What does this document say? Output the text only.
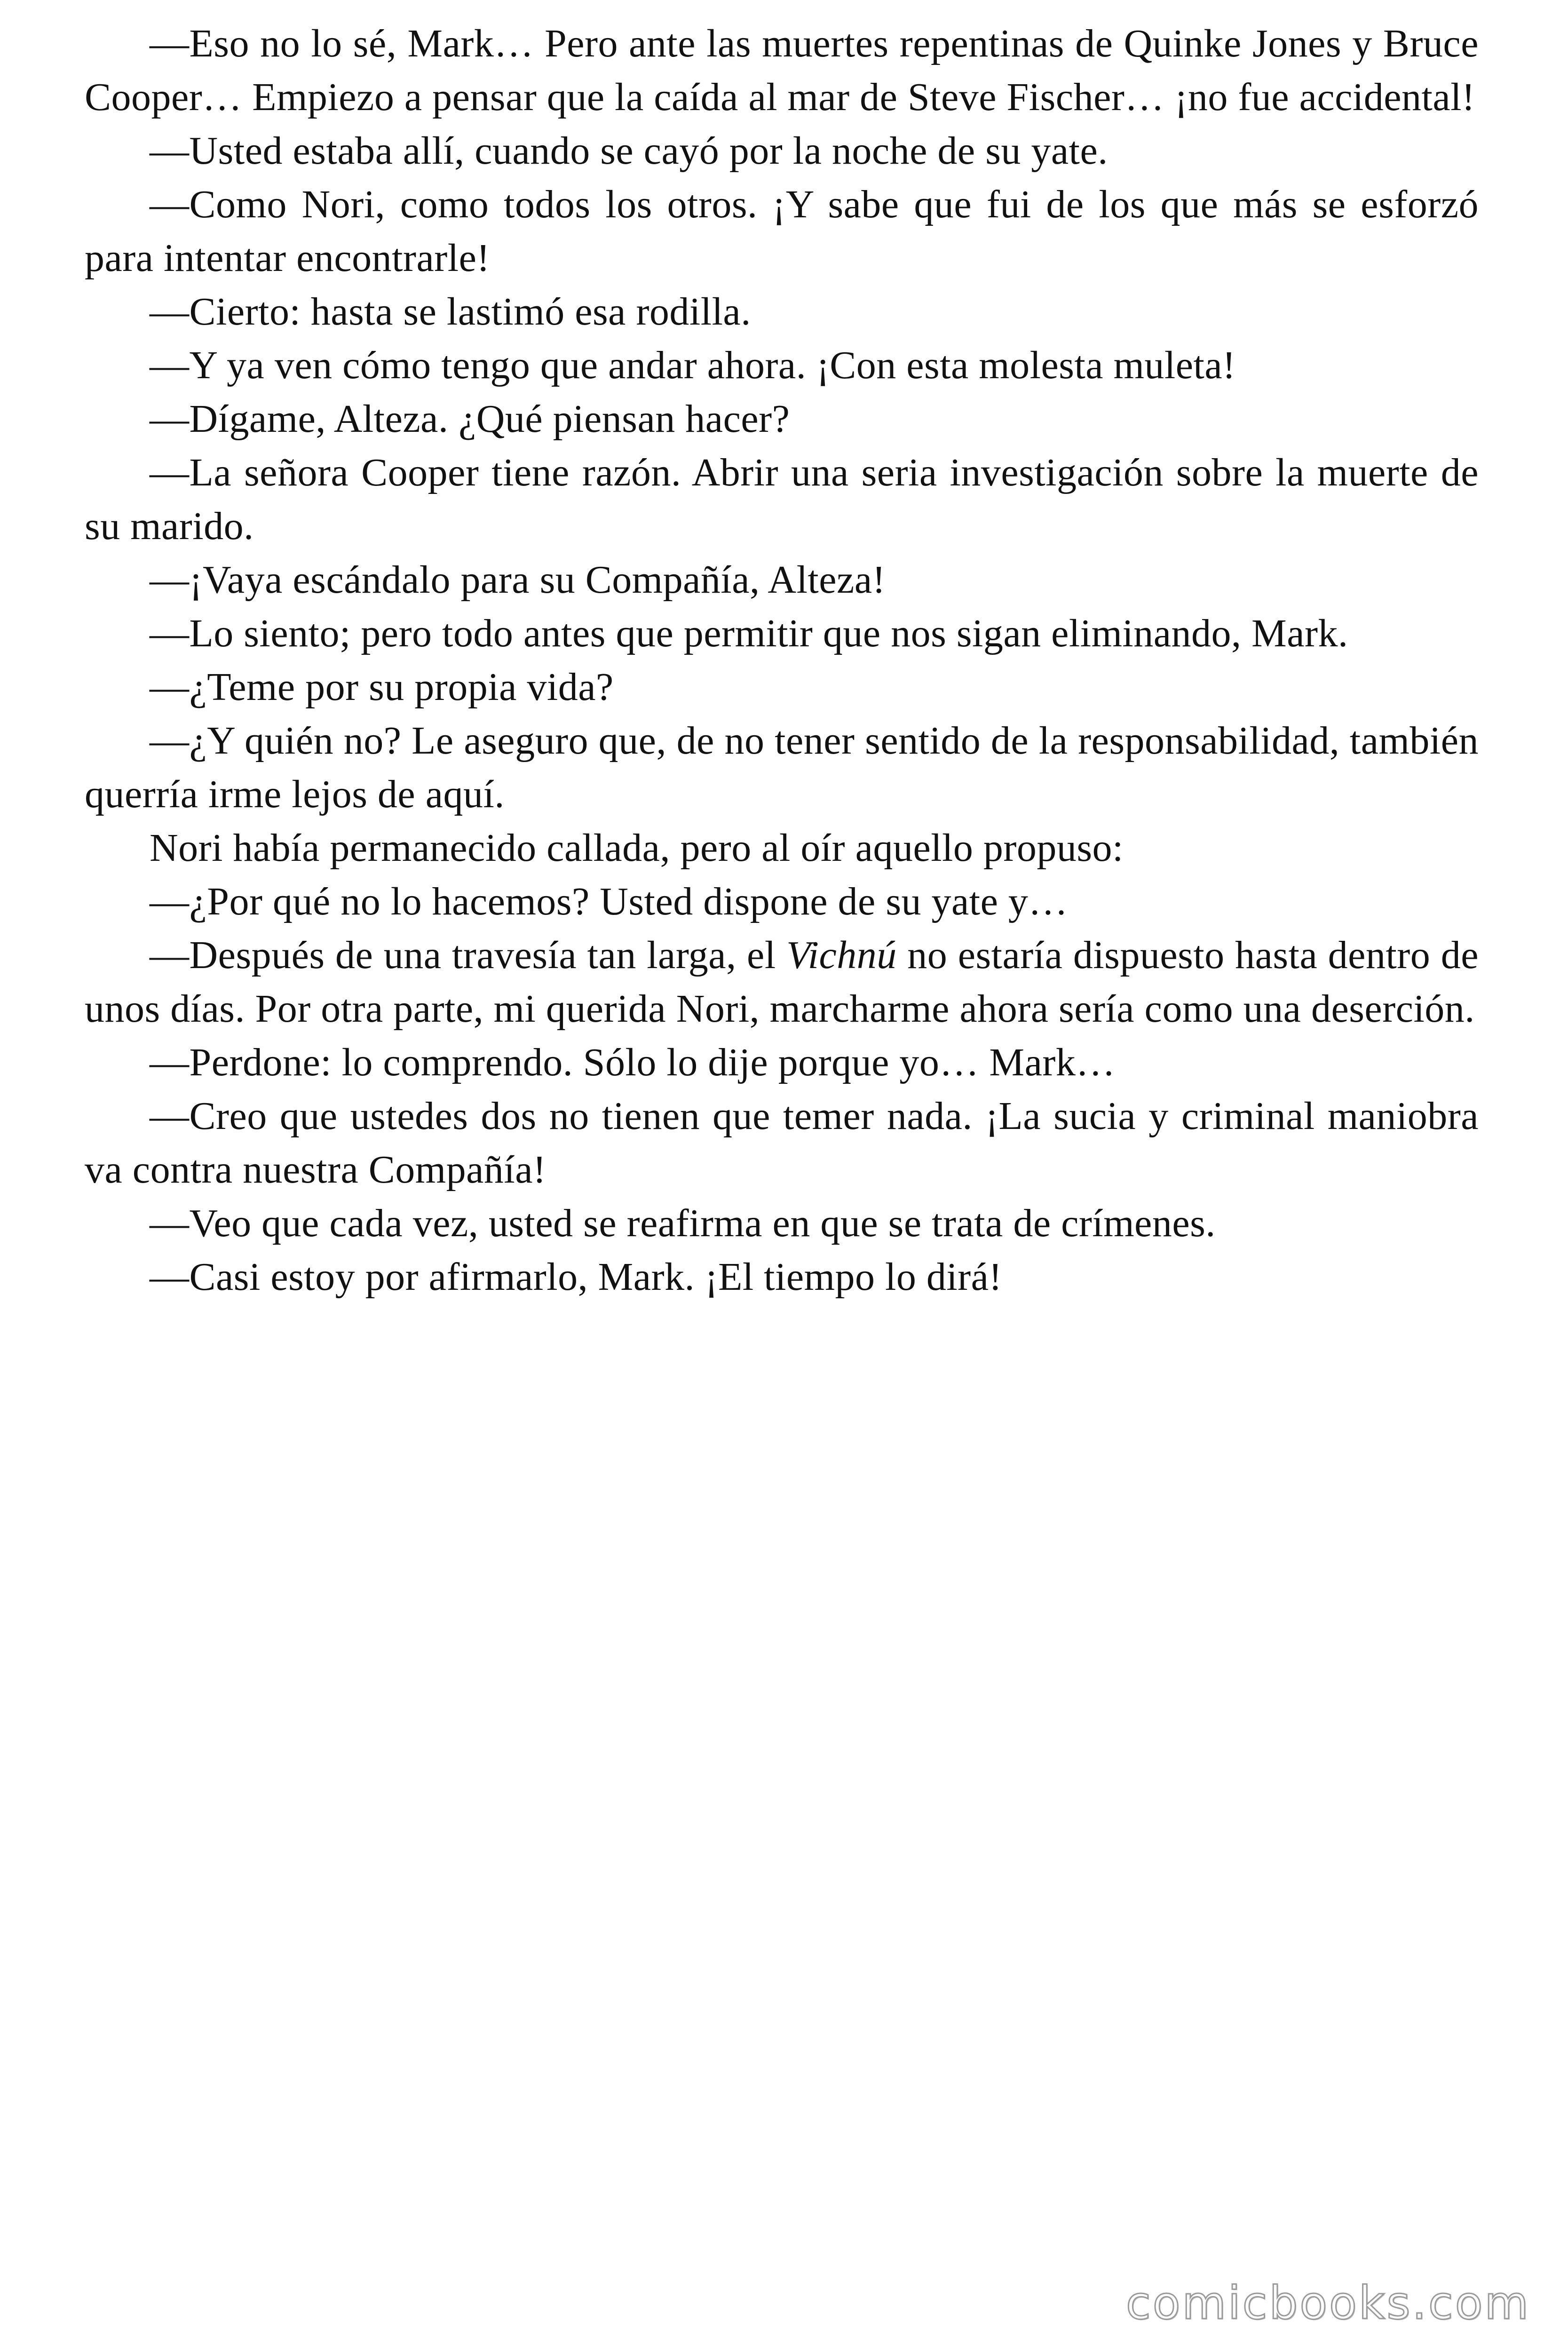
—Eso no lo sé, Mark… Pero ante las muertes repentinas de Quinke Jones y Bruce Cooper… Empiezo a pensar que la caída al mar de Steve Fischer… ¡no fue accidental!

—Usted estaba allí, cuando se cayó por la noche de su yate.

—Como Nori, como todos los otros. ¡Y sabe que fui de los que más se esforzó para intentar encontrarle!

—Cierto: hasta se lastimó esa rodilla.

—Y ya ven cómo tengo que andar ahora. ¡Con esta molesta muleta!

—Dígame, Alteza. ¿Qué piensan hacer?

—La señora Cooper tiene razón. Abrir una seria investigación sobre la muerte de su marido.

—¡Vaya escándalo para su Compañía, Alteza!

—Lo siento; pero todo antes que permitir que nos sigan eliminando, Mark.

—¿Teme por su propia vida?

—¿Y quién no? Le aseguro que, de no tener sentido de la responsabilidad, también querría irme lejos de aquí.

Nori había permanecido callada, pero al oír aquello propuso:

—¿Por qué no lo hacemos? Usted dispone de su yate y…

—Después de una travesía tan larga, el Vichnú no estaría dispuesto hasta dentro de unos días. Por otra parte, mi querida Nori, marcharme ahora sería como una deserción.

—Perdone: lo comprendo. Sólo lo dije porque yo… Mark…

—Creo que ustedes dos no tienen que temer nada. ¡La sucia y criminal maniobra va contra nuestra Compañía!

—Veo que cada vez, usted se reafirma en que se trata de crímenes.

—Casi estoy por afirmarlo, Mark. ¡El tiempo lo dirá!

comicbooks.com
